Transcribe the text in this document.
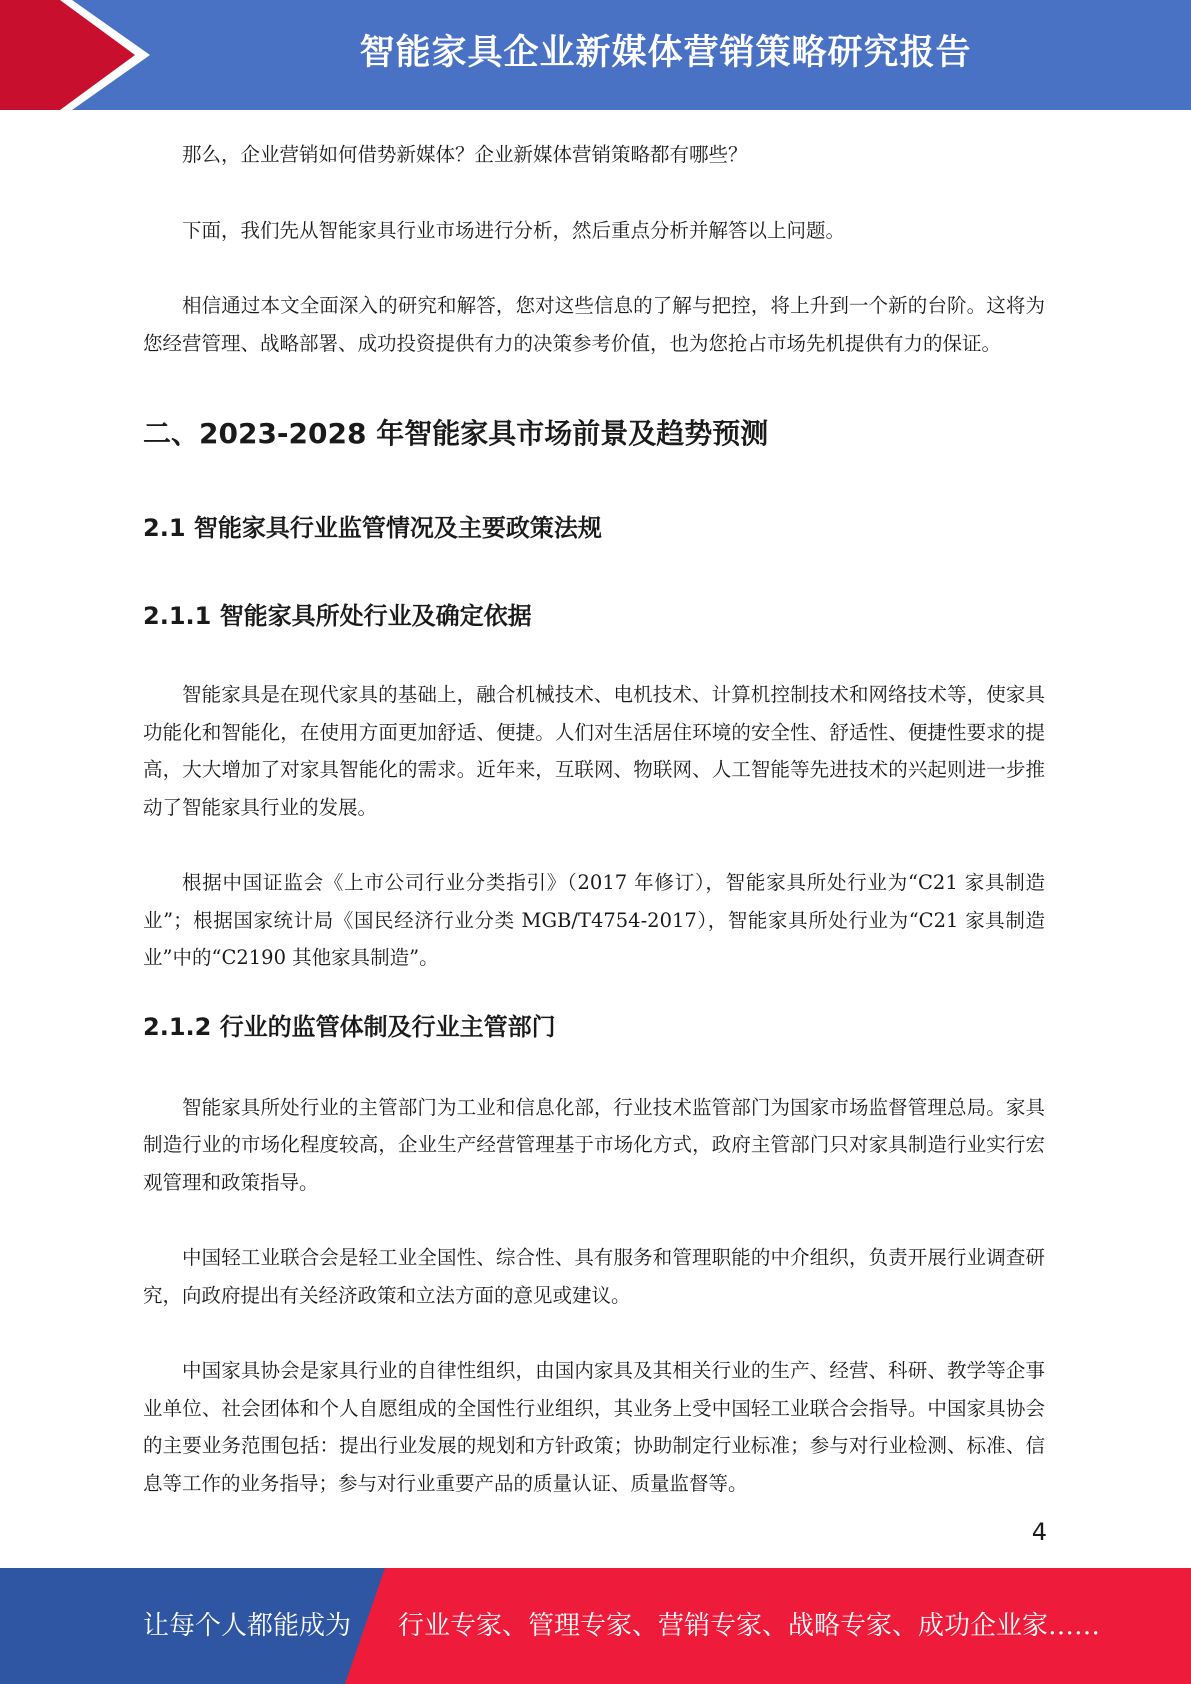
智能家具企业新媒体营销策略研究报告

那么，企业营销如何借势新媒体？企业新媒体营销策略都有哪些？

下面，我们先从智能家具行业市场进行分析，然后重点分析并解答以上问题。

相信通过本文全面深入的研究和解答，您对这些信息的了解与把控，将上升到一个新的台阶。这将为您经营管理、战略部署、成功投资提供有力的决策参考价值，也为您抢占市场先机提供有力的保证。

二、2023-2028 年智能家具市场前景及趋势预测
2.1 智能家具行业监管情况及主要政策法规
2.1.1 智能家具所处行业及确定依据

智能家具是在现代家具的基础上，融合机械技术、电机技术、计算机控制技术和网络技术等，使家具功能化和智能化，在使用方面更加舒适、便捷。人们对生活居住环境的安全性、舒适性、便捷性要求的提高，大大增加了对家具智能化的需求。近年来，互联网、物联网、人工智能等先进技术的兴起则进一步推动了智能家具行业的发展。

根据中国证监会《上市公司行业分类指引》（2017 年修订），智能家具所处行业为“C21 家具制造业”；根据国家统计局《国民经济行业分类 MGB/T4754-2017），智能家具所处行业为“C21 家具制造业”中的“C2190 其他家具制造”。

2.1.2 行业的监管体制及行业主管部门

智能家具所处行业的主管部门为工业和信息化部，行业技术监管部门为国家市场监督管理总局。家具制造行业的市场化程度较高，企业生产经营管理基于市场化方式，政府主管部门只对家具制造行业实行宏观管理和政策指导。

中国轻工业联合会是轻工业全国性、综合性、具有服务和管理职能的中介组织，负责开展行业调查研究，向政府提出有关经济政策和立法方面的意见或建议。

中国家具协会是家具行业的自律性组织，由国内家具及其相关行业的生产、经营、科研、教学等企事业单位、社会团体和个人自愿组成的全国性行业组织，其业务上受中国轻工业联合会指导。中国家具协会的主要业务范围包括：提出行业发展的规划和方针政策；协助制定行业标准；参与对行业检测、标准、信息等工作的业务指导；参与对行业重要产品的质量认证、质量监督等。

4
让每个人都能成为 行业专家、管理专家、营销专家、战略专家、成功企业家……
